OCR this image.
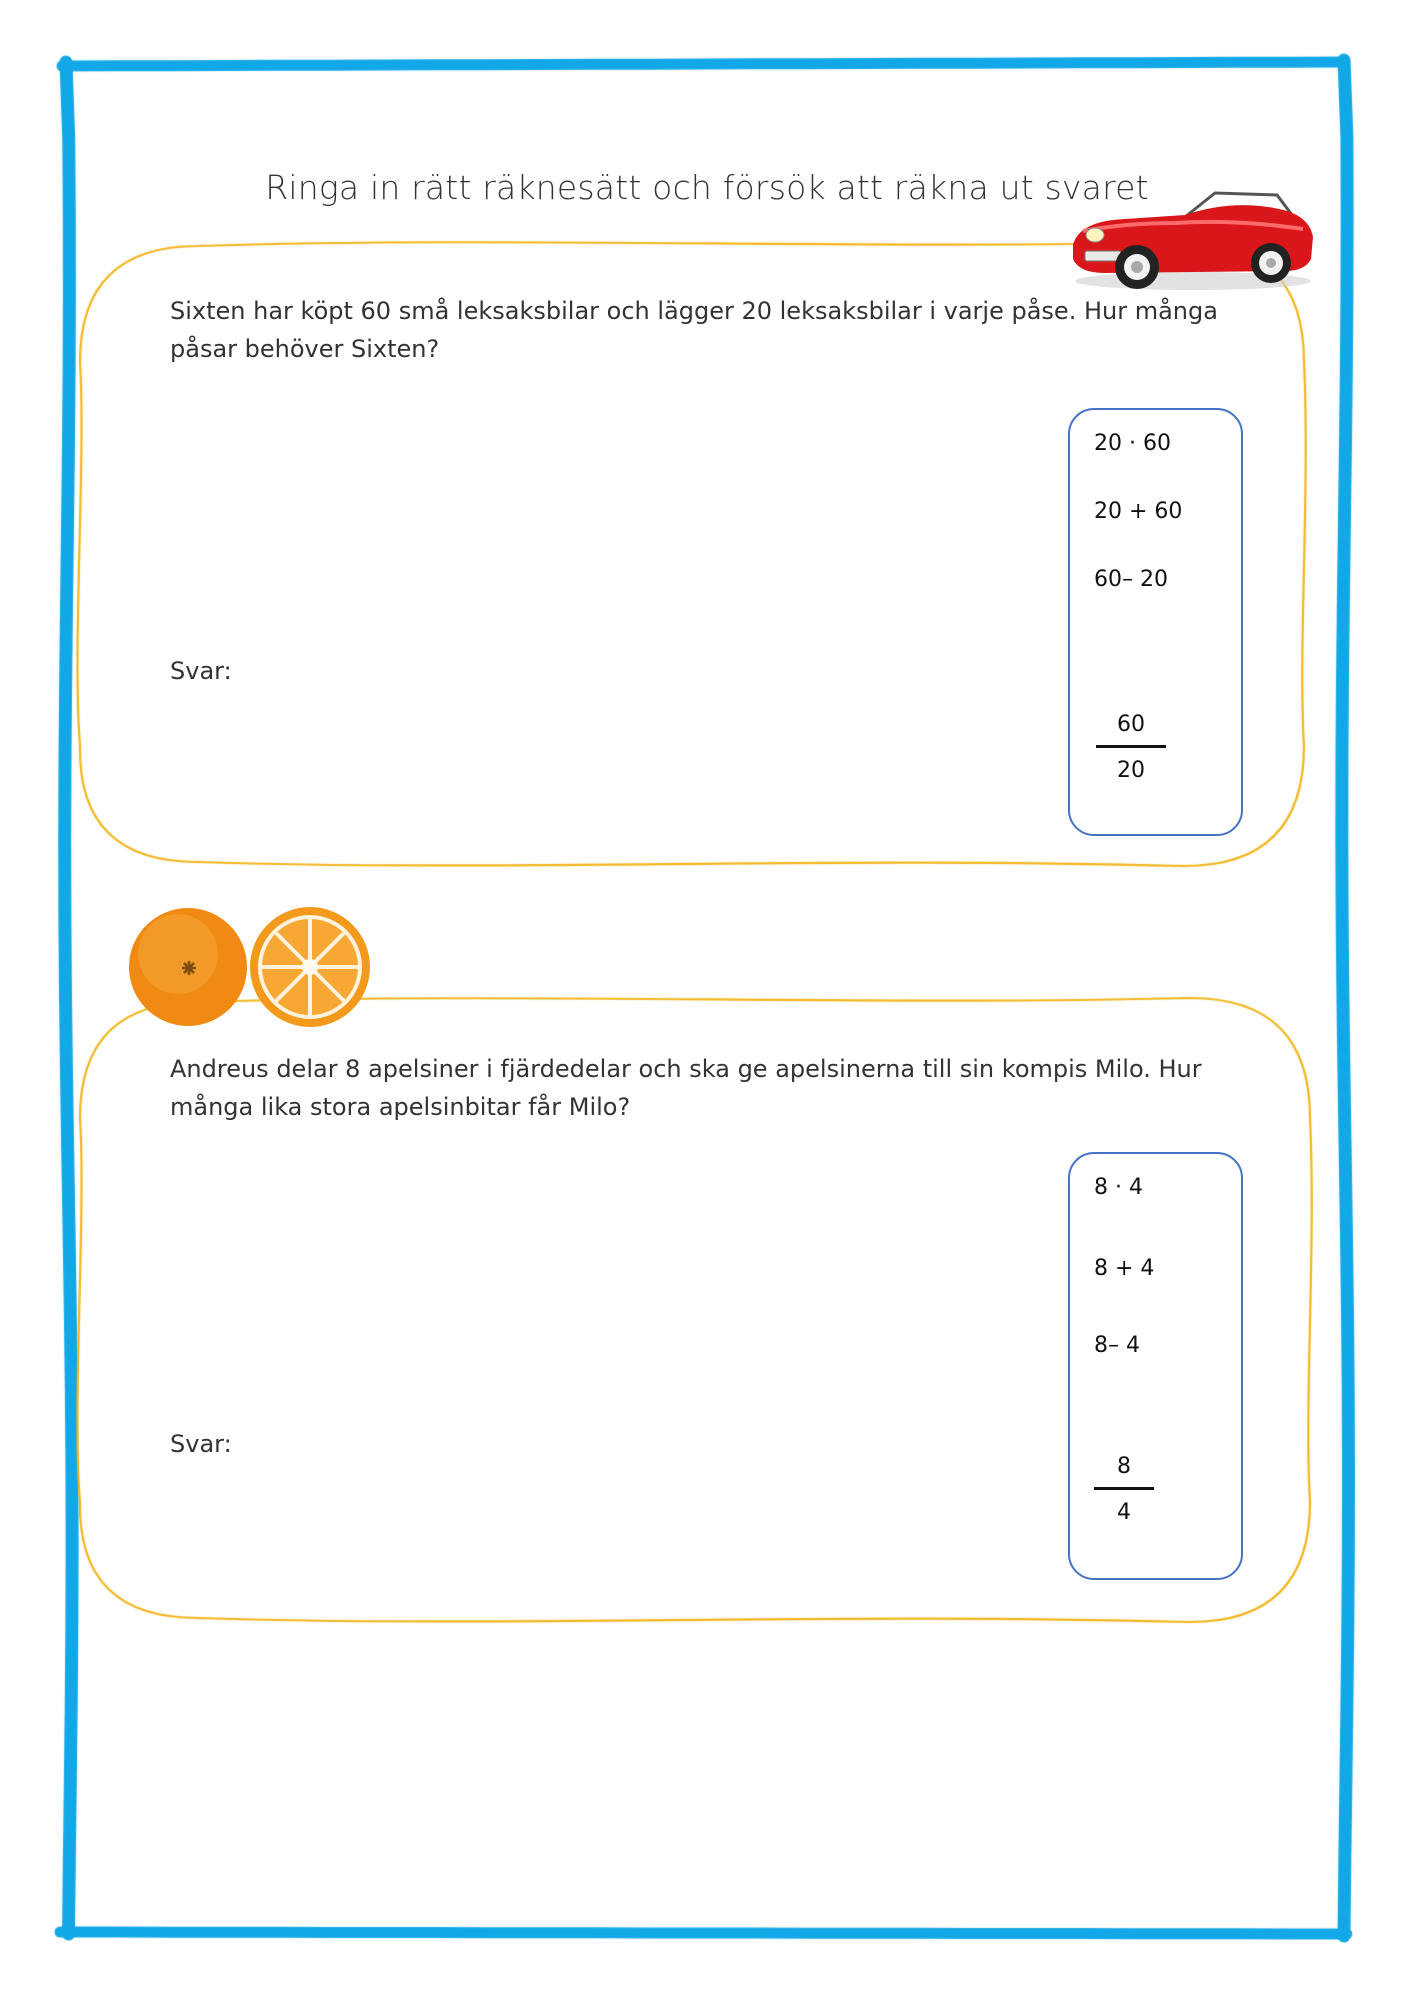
Ringa in rätt räknesätt och försök att räkna ut svaret
Sixten har köpt 60 små leksaksbilar och lägger 20 leksaksbilar i varje påse. Hur många påsar behöver Sixten?
Svar:
20 · 60
20 + 60
60– 20
60
20
Andreus delar 8 apelsiner i fjärdedelar och ska ge apelsinerna till sin kompis Milo. Hur många lika stora apelsinbitar får Milo?
Svar:
8 · 4
8 + 4
8– 4
8
4
